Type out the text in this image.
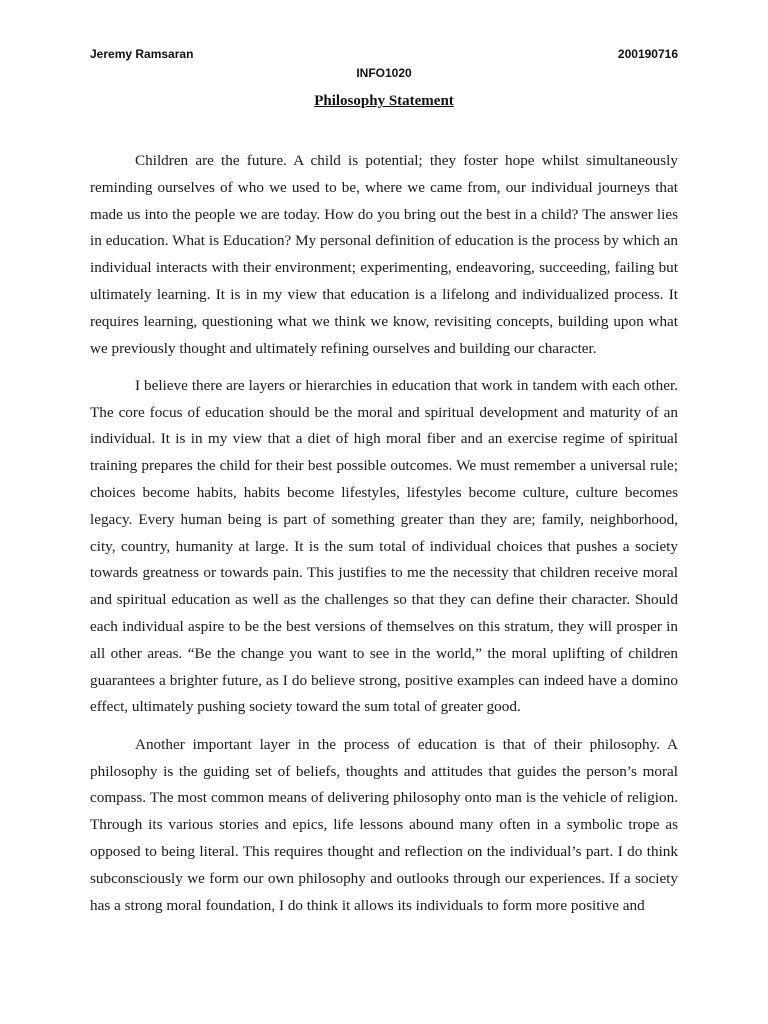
Jeremy Ramsaran	200190716
INFO1020
Philosophy Statement

Children are the future. A child is potential; they foster hope whilst simultaneously reminding ourselves of who we used to be, where we came from, our individual journeys that made us into the people we are today. How do you bring out the best in a child? The answer lies in education. What is Education? My personal definition of education is the process by which an individual interacts with their environment; experimenting, endeavoring, succeeding, failing but ultimately learning. It is in my view that education is a lifelong and individualized process. It requires learning, questioning what we think we know, revisiting concepts, building upon what we previously thought and ultimately refining ourselves and building our character.

I believe there are layers or hierarchies in education that work in tandem with each other. The core focus of education should be the moral and spiritual development and maturity of an individual. It is in my view that a diet of high moral fiber and an exercise regime of spiritual training prepares the child for their best possible outcomes. We must remember a universal rule; choices become habits, habits become lifestyles, lifestyles become culture, culture becomes legacy. Every human being is part of something greater than they are; family, neighborhood, city, country, humanity at large. It is the sum total of individual choices that pushes a society towards greatness or towards pain. This justifies to me the necessity that children receive moral and spiritual education as well as the challenges so that they can define their character. Should each individual aspire to be the best versions of themselves on this stratum, they will prosper in all other areas. “Be the change you want to see in the world,” the moral uplifting of children guarantees a brighter future, as I do believe strong, positive examples can indeed have a domino effect, ultimately pushing society toward the sum total of greater good.

Another important layer in the process of education is that of their philosophy. A philosophy is the guiding set of beliefs, thoughts and attitudes that guides the person’s moral compass. The most common means of delivering philosophy onto man is the vehicle of religion. Through its various stories and epics, life lessons abound many often in a symbolic trope as opposed to being literal. This requires thought and reflection on the individual’s part. I do think subconsciously we form our own philosophy and outlooks through our experiences. If a society has a strong moral foundation, I do think it allows its individuals to form more positive and
